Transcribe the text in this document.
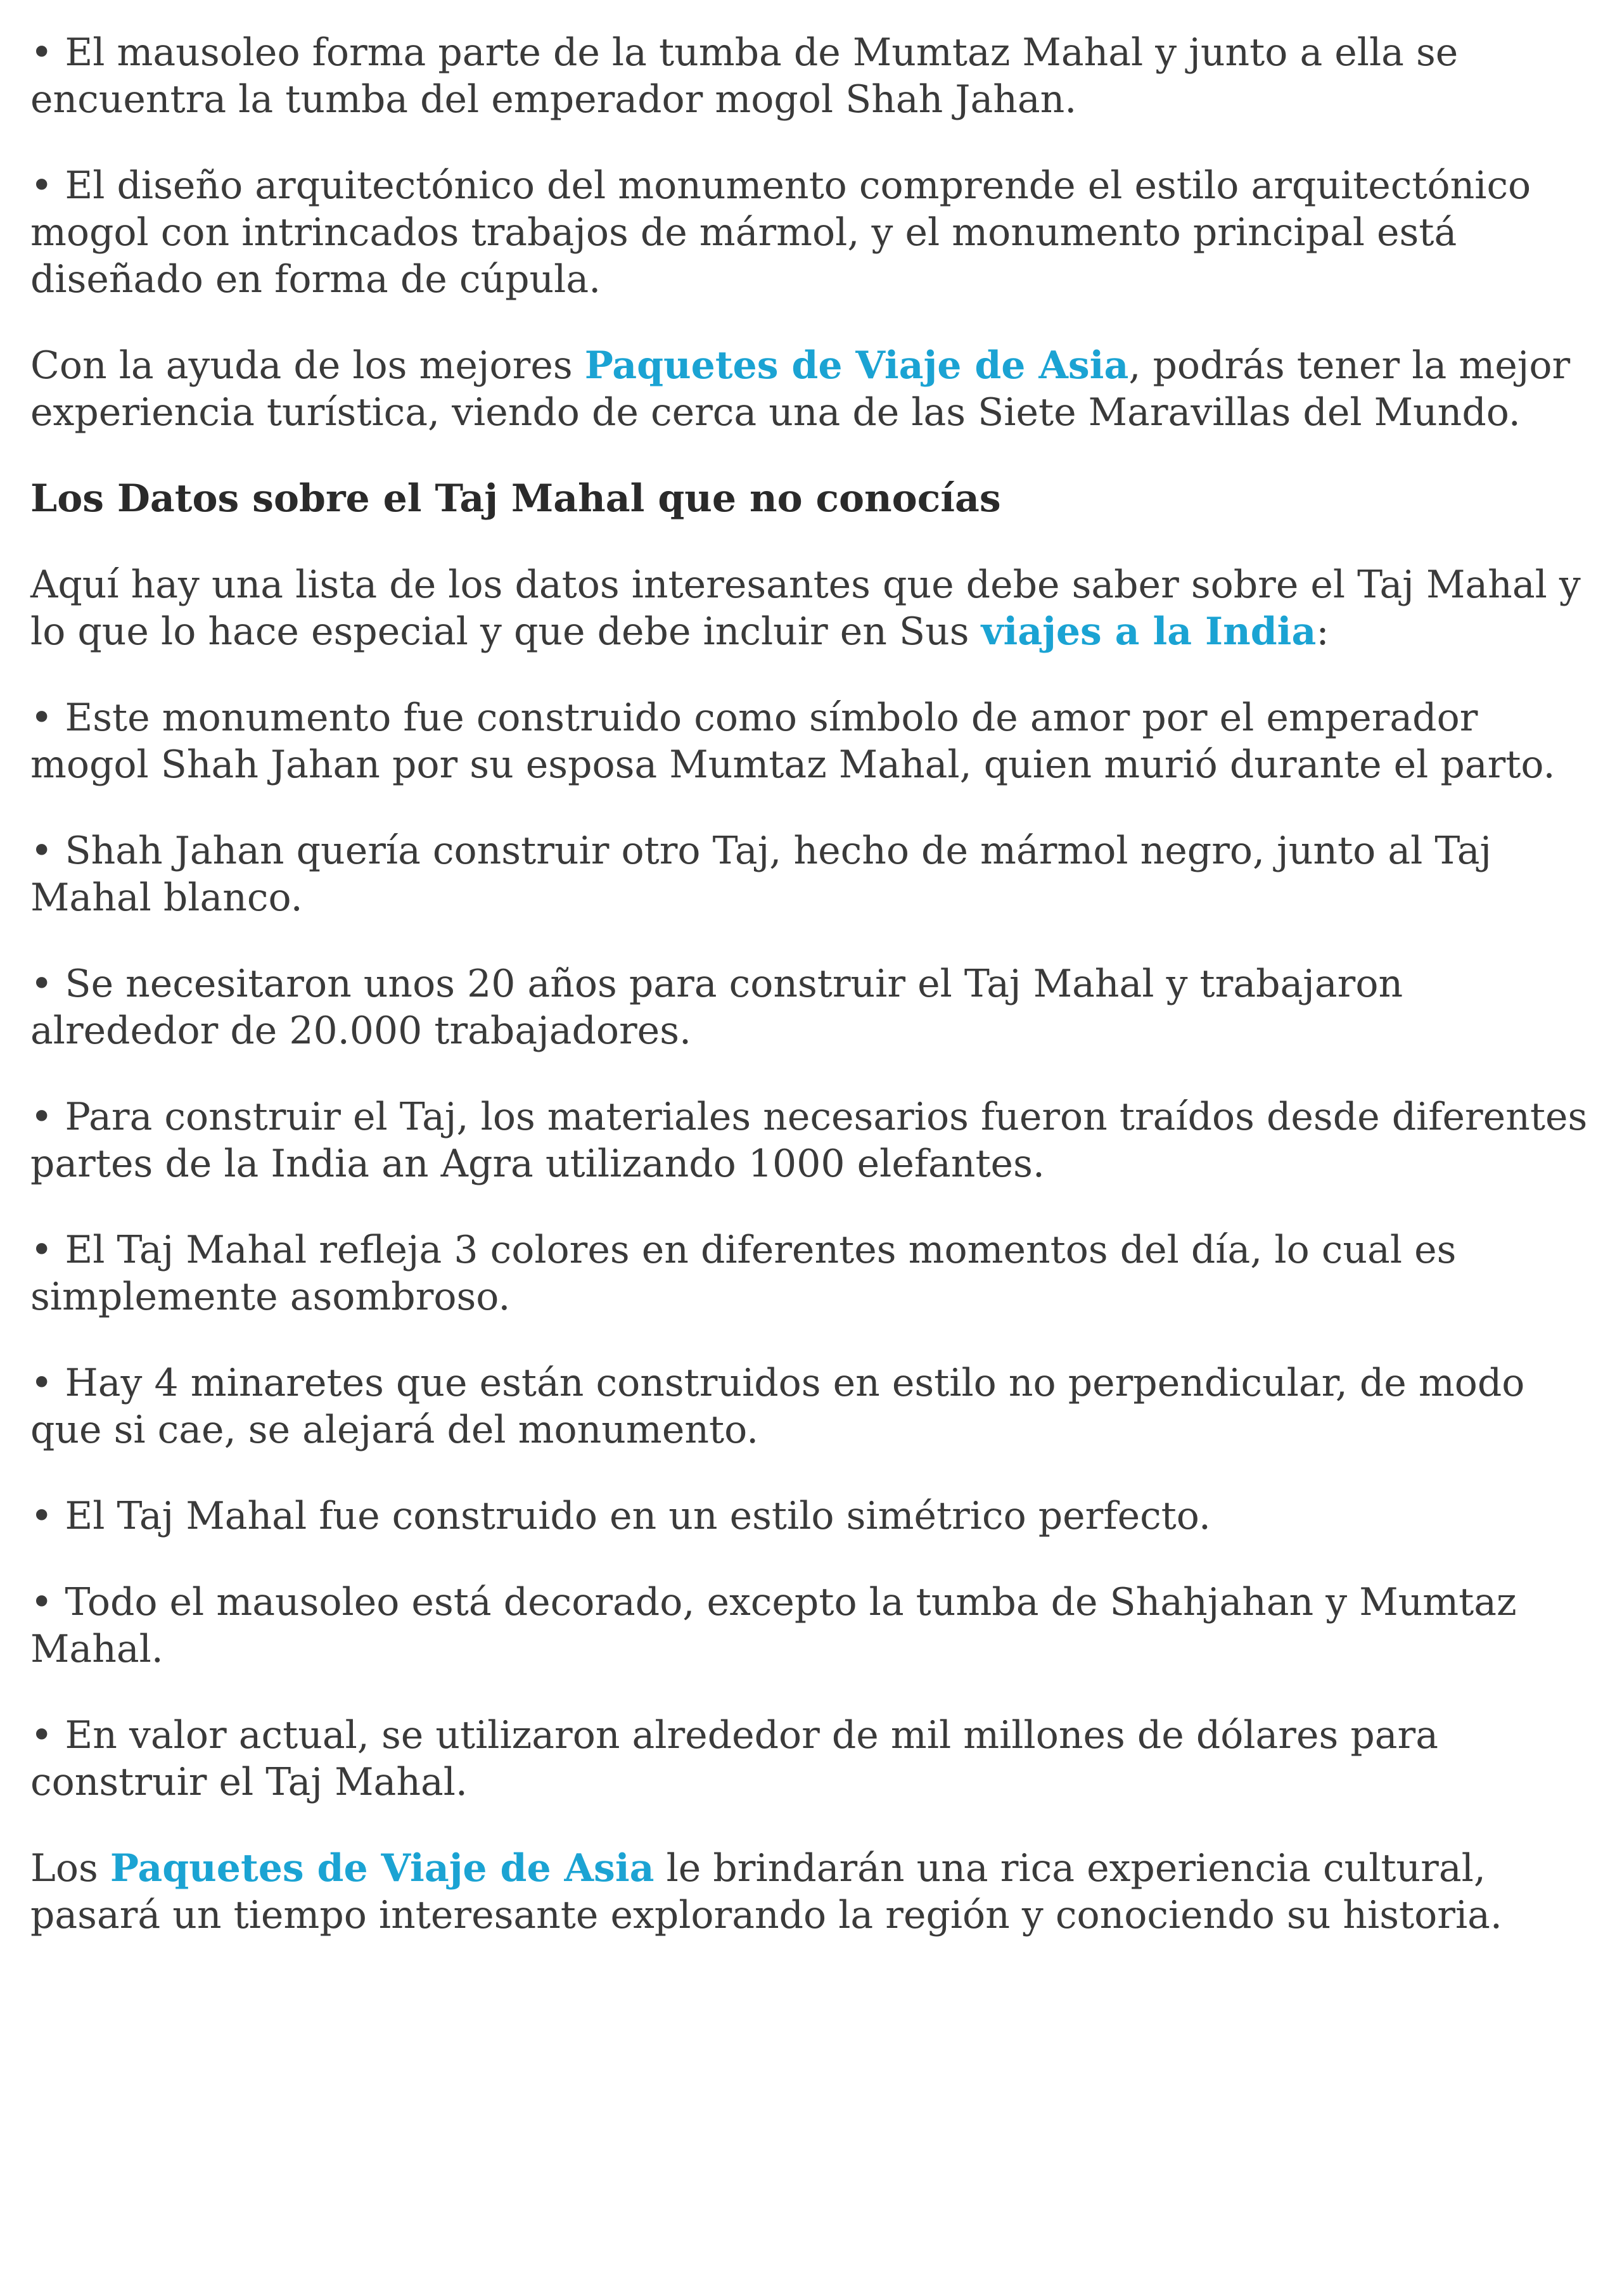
• El mausoleo forma parte de la tumba de Mumtaz Mahal y junto a ella se encuentra la tumba del emperador mogol Shah Jahan.

• El diseño arquitectónico del monumento comprende el estilo arquitectónico mogol con intrincados trabajos de mármol, y el monumento principal está diseñado en forma de cúpula.

Con la ayuda de los mejores Paquetes de Viaje de Asia, podrás tener la mejor experiencia turística, viendo de cerca una de las Siete Maravillas del Mundo.

Los Datos sobre el Taj Mahal que no conocías

Aquí hay una lista de los datos interesantes que debe saber sobre el Taj Mahal y lo que lo hace especial y que debe incluir en Sus viajes a la India:

• Este monumento fue construido como símbolo de amor por el emperador mogol Shah Jahan por su esposa Mumtaz Mahal, quien murió durante el parto.

• Shah Jahan quería construir otro Taj, hecho de mármol negro, junto al Taj Mahal blanco.

• Se necesitaron unos 20 años para construir el Taj Mahal y trabajaron alrededor de 20.000 trabajadores.

• Para construir el Taj, los materiales necesarios fueron traídos desde diferentes partes de la India an Agra utilizando 1000 elefantes.

• El Taj Mahal refleja 3 colores en diferentes momentos del día, lo cual es simplemente asombroso.

• Hay 4 minaretes que están construidos en estilo no perpendicular, de modo que si cae, se alejará del monumento.

• El Taj Mahal fue construido en un estilo simétrico perfecto.

• Todo el mausoleo está decorado, excepto la tumba de Shahjahan y Mumtaz Mahal.

• En valor actual, se utilizaron alrededor de mil millones de dólares para construir el Taj Mahal.

Los Paquetes de Viaje de Asia le brindarán una rica experiencia cultural, pasará un tiempo interesante explorando la región y conociendo su historia.
